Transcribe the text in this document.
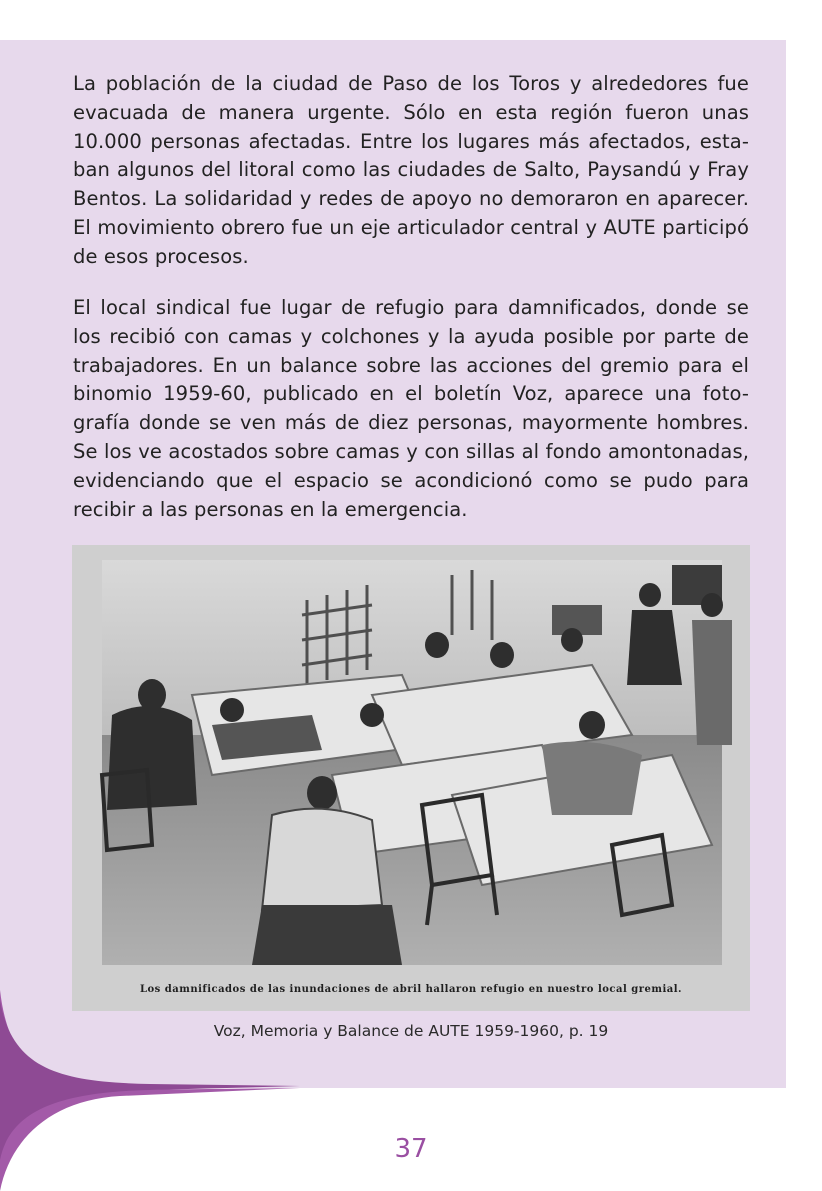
La población de la ciudad de Paso de los Toros y alrededores fue evacuada de manera urgente. Sólo en esta región fueron unas 10.000 personas afectadas. Entre los lugares más afectados, esta-ban algunos del litoral como las ciudades de Salto, Paysandú y Fray Bentos. La solidaridad y redes de apoyo no demoraron en aparecer. El movimiento obrero fue un eje articulador central y AUTE participó de esos procesos.
El local sindical fue lugar de refugio para damnificados, donde se los recibió con camas y colchones y la ayuda posible por parte de trabajadores. En un balance sobre las acciones del gremio para el binomio 1959-60, publicado en el boletín Voz, aparece una foto-grafía donde se ven más de diez personas, mayormente hombres. Se los ve acostados sobre camas y con sillas al fondo amontonadas, evidenciando que el espacio se acondicionó como se pudo para recibir a las personas en la emergencia.
Los damnificados de las inundaciones de abril hallaron refugio en nuestro local gremial.
Voz, Memoria y Balance de AUTE 1959-1960, p. 19
37
